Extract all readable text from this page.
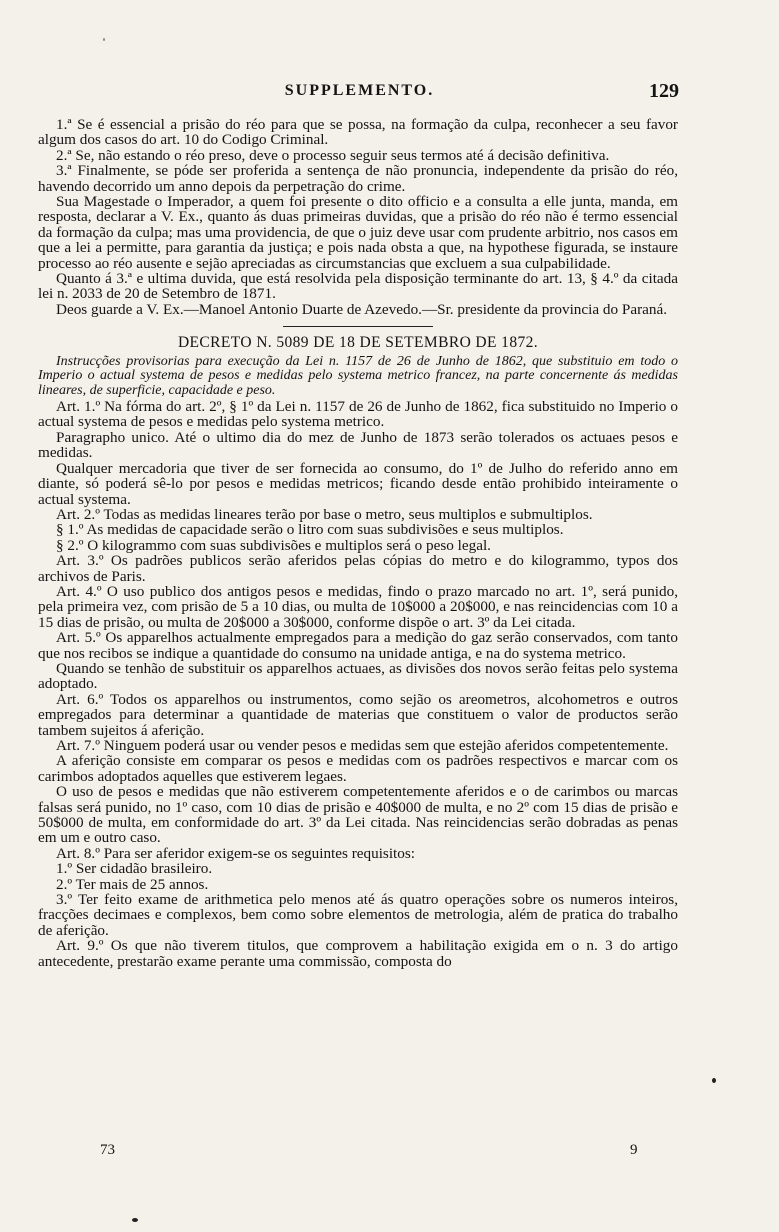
SUPPLEMENTO.	129

1.ª Se é essencial a prisão do réo para que se possa, na formação da culpa, reconhecer a seu favor algum dos casos do art. 10 do Codigo Criminal.

2.ª Se, não estando o réo preso, deve o processo seguir seus termos até á decisão definitiva.

3.ª Finalmente, se póde ser proferida a sentença de não pronuncia, independente da prisão do réo, havendo decorrido um anno depois da perpetração do crime.

Sua Magestade o Imperador, a quem foi presente o dito officio e a consulta a elle junta, manda, em resposta, declarar a V. Ex., quanto ás duas primeiras duvidas, que a prisão do réo não é termo essencial da formação da culpa; mas uma providencia, de que o juiz deve usar com prudente arbitrio, nos casos em que a lei a permitte, para garantia da justiça; e pois nada obsta a que, na hypothese figurada, se instaure processo ao réo ausente e sejão apreciadas as circumstancias que excluem a sua culpabilidade.

Quanto á 3.ª e ultima duvida, que está resolvida pela disposição terminante do art. 13, § 4.º da citada lei n. 2033 de 20 de Setembro de 1871.

Deos guarde a V. Ex.—Manoel Antonio Duarte de Azevedo.—Sr. presidente da provincia do Paraná.

DECRETO N. 5089 DE 18 DE SETEMBRO DE 1872.

Instrucções provisorias para execução da Lei n. 1157 de 26 de Junho de 1862, que substituio em todo o Imperio o actual systema de pesos e medidas pelo systema metrico francez, na parte concernente ás medidas lineares, de superficie, capacidade e peso.

Art. 1.º Na fórma do art. 2º, § 1º da Lei n. 1157 de 26 de Junho de 1862, fica substituido no Imperio o actual systema de pesos e medidas pelo systema metrico.

Paragrapho unico. Até o ultimo dia do mez de Junho de 1873 serão tolerados os actuaes pesos e medidas.

Qualquer mercadoria que tiver de ser fornecida ao consumo, do 1º de Julho do referido anno em diante, só poderá sê-lo por pesos e medidas metricos; ficando desde então prohibido inteiramente o actual systema.

Art. 2.º Todas as medidas lineares terão por base o metro, seus multiplos e submultiplos.

§ 1.º As medidas de capacidade serão o litro com suas subdivisões e seus multiplos.

§ 2.º O kilogrammo com suas subdivisões e multiplos será o peso legal.

Art. 3.º Os padrões publicos serão aferidos pelas cópias do metro e do kilogrammo, typos dos archivos de Paris.

Art. 4.º O uso publico dos antigos pesos e medidas, findo o prazo marcado no art. 1º, será punido, pela primeira vez, com prisão de 5 a 10 dias, ou multa de 10$000 a 20$000, e nas reincidencias com 10 a 15 dias de prisão, ou multa de 20$000 a 30$000, conforme dispõe o art. 3º da Lei citada.

Art. 5.º Os apparelhos actualmente empregados para a medição do gaz serão conservados, com tanto que nos recibos se indique a quantidade do consumo na unidade antiga, e na do systema metrico.

Quando se tenhão de substituir os apparelhos actuaes, as divisões dos novos serão feitas pelo systema adoptado.

Art. 6.º Todos os apparelhos ou instrumentos, como sejão os areometros, alcohometros e outros empregados para determinar a quantidade de materias que constituem o valor de productos serão tambem sujeitos á aferição.

Art. 7.º Ninguem poderá usar ou vender pesos e medidas sem que estejão aferidos competentemente.

A aferição consiste em comparar os pesos e medidas com os padrões respectivos e marcar com os carimbos adoptados aquelles que estiverem legaes.

O uso de pesos e medidas que não estiverem competentemente aferidos e o de carimbos ou marcas falsas será punido, no 1º caso, com 10 dias de prisão e 40$000 de multa, e no 2º com 15 dias de prisão e 50$000 de multa, em conformidade do art. 3º da Lei citada. Nas reincidencias serão dobradas as penas em um e outro caso.

Art. 8.º Para ser aferidor exigem-se os seguintes requisitos:

1.º Ser cidadão brasileiro.

2.º Ter mais de 25 annos.

3.º Ter feito exame de arithmetica pelo menos até ás quatro operações sobre os numeros inteiros, fracções decimaes e complexos, bem como sobre elementos de metrologia, além de pratica do trabalho de aferição.

Art. 9.º Os que não tiverem titulos, que comprovem a habilitação exigida em o n. 3 do artigo antecedente, prestarão exame perante uma commissão, composta do

73	9
